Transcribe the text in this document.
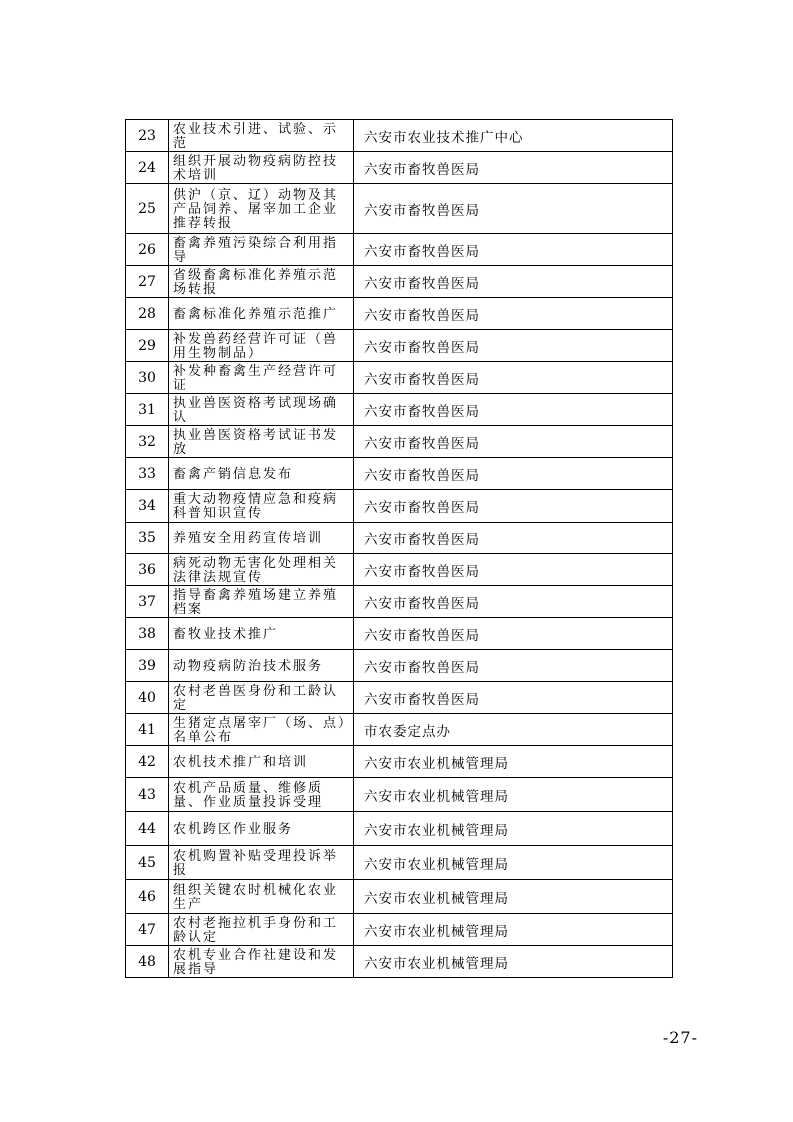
23	农业技术引进、试验、示范	六安市农业技术推广中心
24	组织开展动物疫病防控技术培训	六安市畜牧兽医局
25	供沪（京、辽）动物及其产品饲养、屠宰加工企业推荐转报	六安市畜牧兽医局
26	畜禽养殖污染综合利用指导	六安市畜牧兽医局
27	省级畜禽标准化养殖示范场转报	六安市畜牧兽医局
28	畜禽标准化养殖示范推广	六安市畜牧兽医局
29	补发兽药经营许可证（兽用生物制品）	六安市畜牧兽医局
30	补发种畜禽生产经营许可证	六安市畜牧兽医局
31	执业兽医资格考试现场确认	六安市畜牧兽医局
32	执业兽医资格考试证书发放	六安市畜牧兽医局
33	畜禽产销信息发布	六安市畜牧兽医局
34	重大动物疫情应急和疫病科普知识宣传	六安市畜牧兽医局
35	养殖安全用药宣传培训	六安市畜牧兽医局
36	病死动物无害化处理相关法律法规宣传	六安市畜牧兽医局
37	指导畜禽养殖场建立养殖档案	六安市畜牧兽医局
38	畜牧业技术推广	六安市畜牧兽医局
39	动物疫病防治技术服务	六安市畜牧兽医局
40	农村老兽医身份和工龄认定	六安市畜牧兽医局
41	生猪定点屠宰厂（场、点）名单公布	市农委定点办
42	农机技术推广和培训	六安市农业机械管理局
43	农机产品质量、维修质量、作业质量投诉受理	六安市农业机械管理局
44	农机跨区作业服务	六安市农业机械管理局
45	农机购置补贴受理投诉举报	六安市农业机械管理局
46	组织关键农时机械化农业生产	六安市农业机械管理局
47	农村老拖拉机手身份和工龄认定	六安市农业机械管理局
48	农机专业合作社建设和发展指导	六安市农业机械管理局
-27-
